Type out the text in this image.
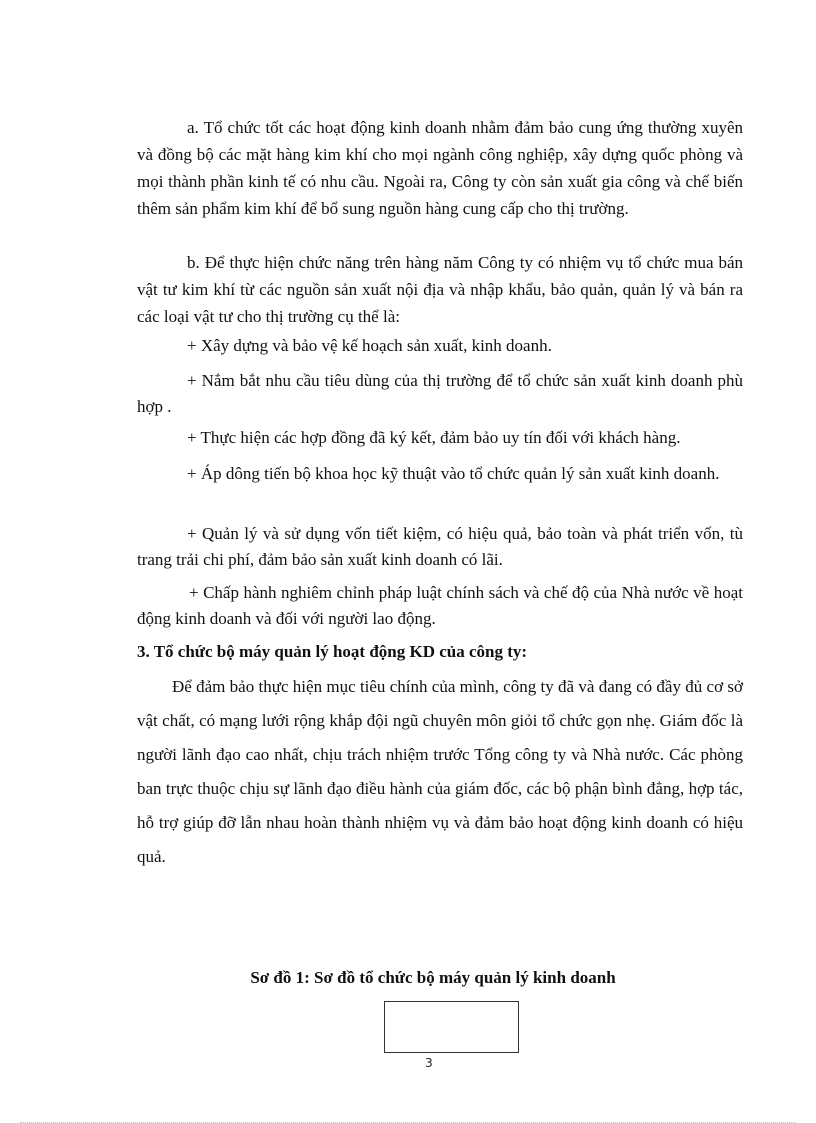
a. Tổ chức tốt các hoạt động kinh doanh nhằm đảm bảo cung ứng thường xuyên và đồng bộ các mặt hàng kim khí cho mọi ngành công nghiệp, xây dựng quốc phòng và mọi thành phần kinh tế có nhu cầu. Ngoài ra, Công ty còn sản xuất gia công và chế biến thêm sản phẩm kim khí để bổ sung nguồn hàng cung cấp cho thị trường.

b. Để thực hiện chức năng trên hàng năm Công ty có nhiệm vụ tổ chức mua bán vật tư kim khí từ các nguồn sản xuất nội địa và nhập khẩu, bảo quản, quản lý và bán ra các loại vật tư cho thị trường cụ thể là:

+ Xây dựng và bảo vệ kế hoạch sản xuất, kinh doanh.

+ Nắm bắt nhu cầu tiêu dùng của thị trường để tổ chức sản xuất kinh doanh phù hợp .

+ Thực hiện các hợp đồng đã ký kết, đảm bảo uy tín đối với khách hàng.

+ Áp dông tiến bộ khoa học kỹ thuật vào tổ chức quản lý sản xuất kinh doanh.

+ Quản lý và sử dụng vốn tiết kiệm, có hiệu quả, bảo toàn và phát triển vốn, tù trang trải chi phí, đảm bảo sản xuất kinh doanh có lãi.

+ Chấp hành nghiêm chỉnh pháp luật chính sách và chế độ của Nhà nước về hoạt động kinh doanh và đối với người lao động.

3. Tổ chức bộ máy quản lý hoạt động KD của công ty:

Để đảm bảo thực hiện mục tiêu chính của mình, công ty đã và đang có đầy đủ cơ sở vật chất, có mạng lưới rộng khắp đội ngũ chuyên môn giỏi tổ chức gọn nhẹ. Giám đốc là người lãnh đạo cao nhất, chịu trách nhiệm trước Tổng công ty và Nhà nước. Các phòng ban trực thuộc chịu sự lãnh đạo điều hành của giám đốc, các bộ phận bình đẳng, hợp tác, hỗ trợ giúp đỡ lẫn nhau hoàn thành nhiệm vụ và đảm bảo hoạt động kinh doanh có hiệu quả.

Sơ đồ 1: Sơ đồ tổ chức bộ máy quản lý kinh doanh

3
